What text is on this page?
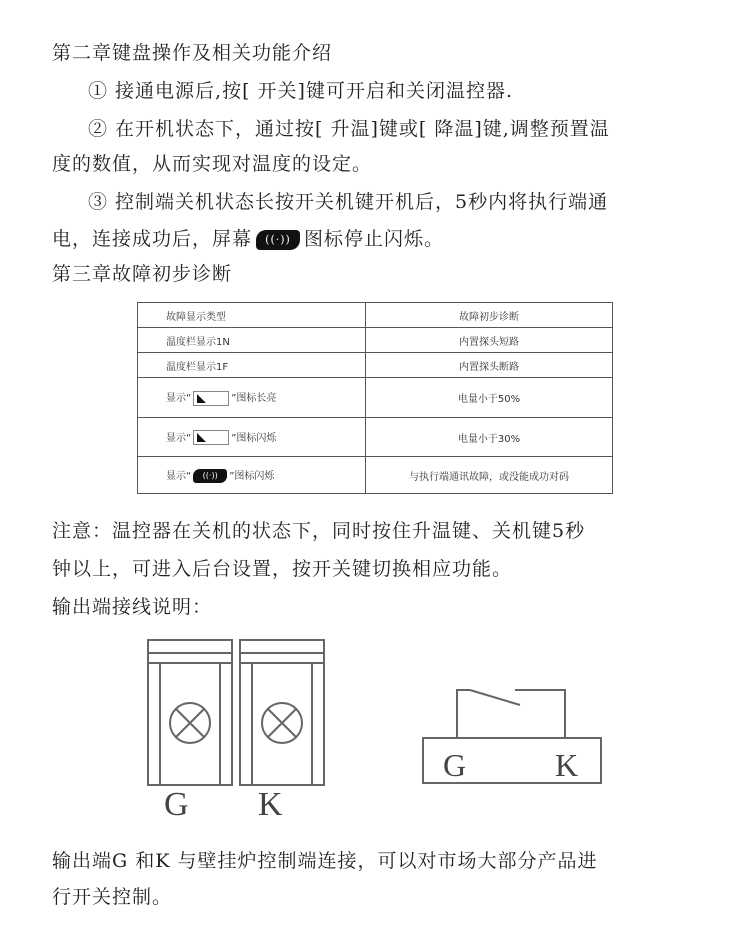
第二章键盘操作及相关功能介绍
① 接通电源后,按[ 开关]键可开启和关闭温控器.
② 在开机状态下，通过按[ 升温]键或[ 降温]键,调整预置温
度的数值，从而实现对温度的设定。
③ 控制端关机状态长按开关机键开机后，5秒内将执行端通
电，连接成功后，屏幕 ((·)) 图标停止闪烁。
第三章故障初步诊断
故障显示类型	故障初步诊断
温度栏显示1N	内置探头短路
温度栏显示1F	内置探头断路
显示“ ”图标长亮	电量小于50%
显示“ ”图标闪烁	电量小于30%
显示“ ((·)) ”图标闪烁	与执行端通讯故障，或没能成功对码
注意：温控器在关机的状态下，同时按住升温键、关机键5秒
钟以上，可进入后台设置，按开关键切换相应功能。
输出端接线说明：
G K
G	K
输出端G 和K 与壁挂炉控制端连接，可以对市场大部分产品进
行开关控制。
